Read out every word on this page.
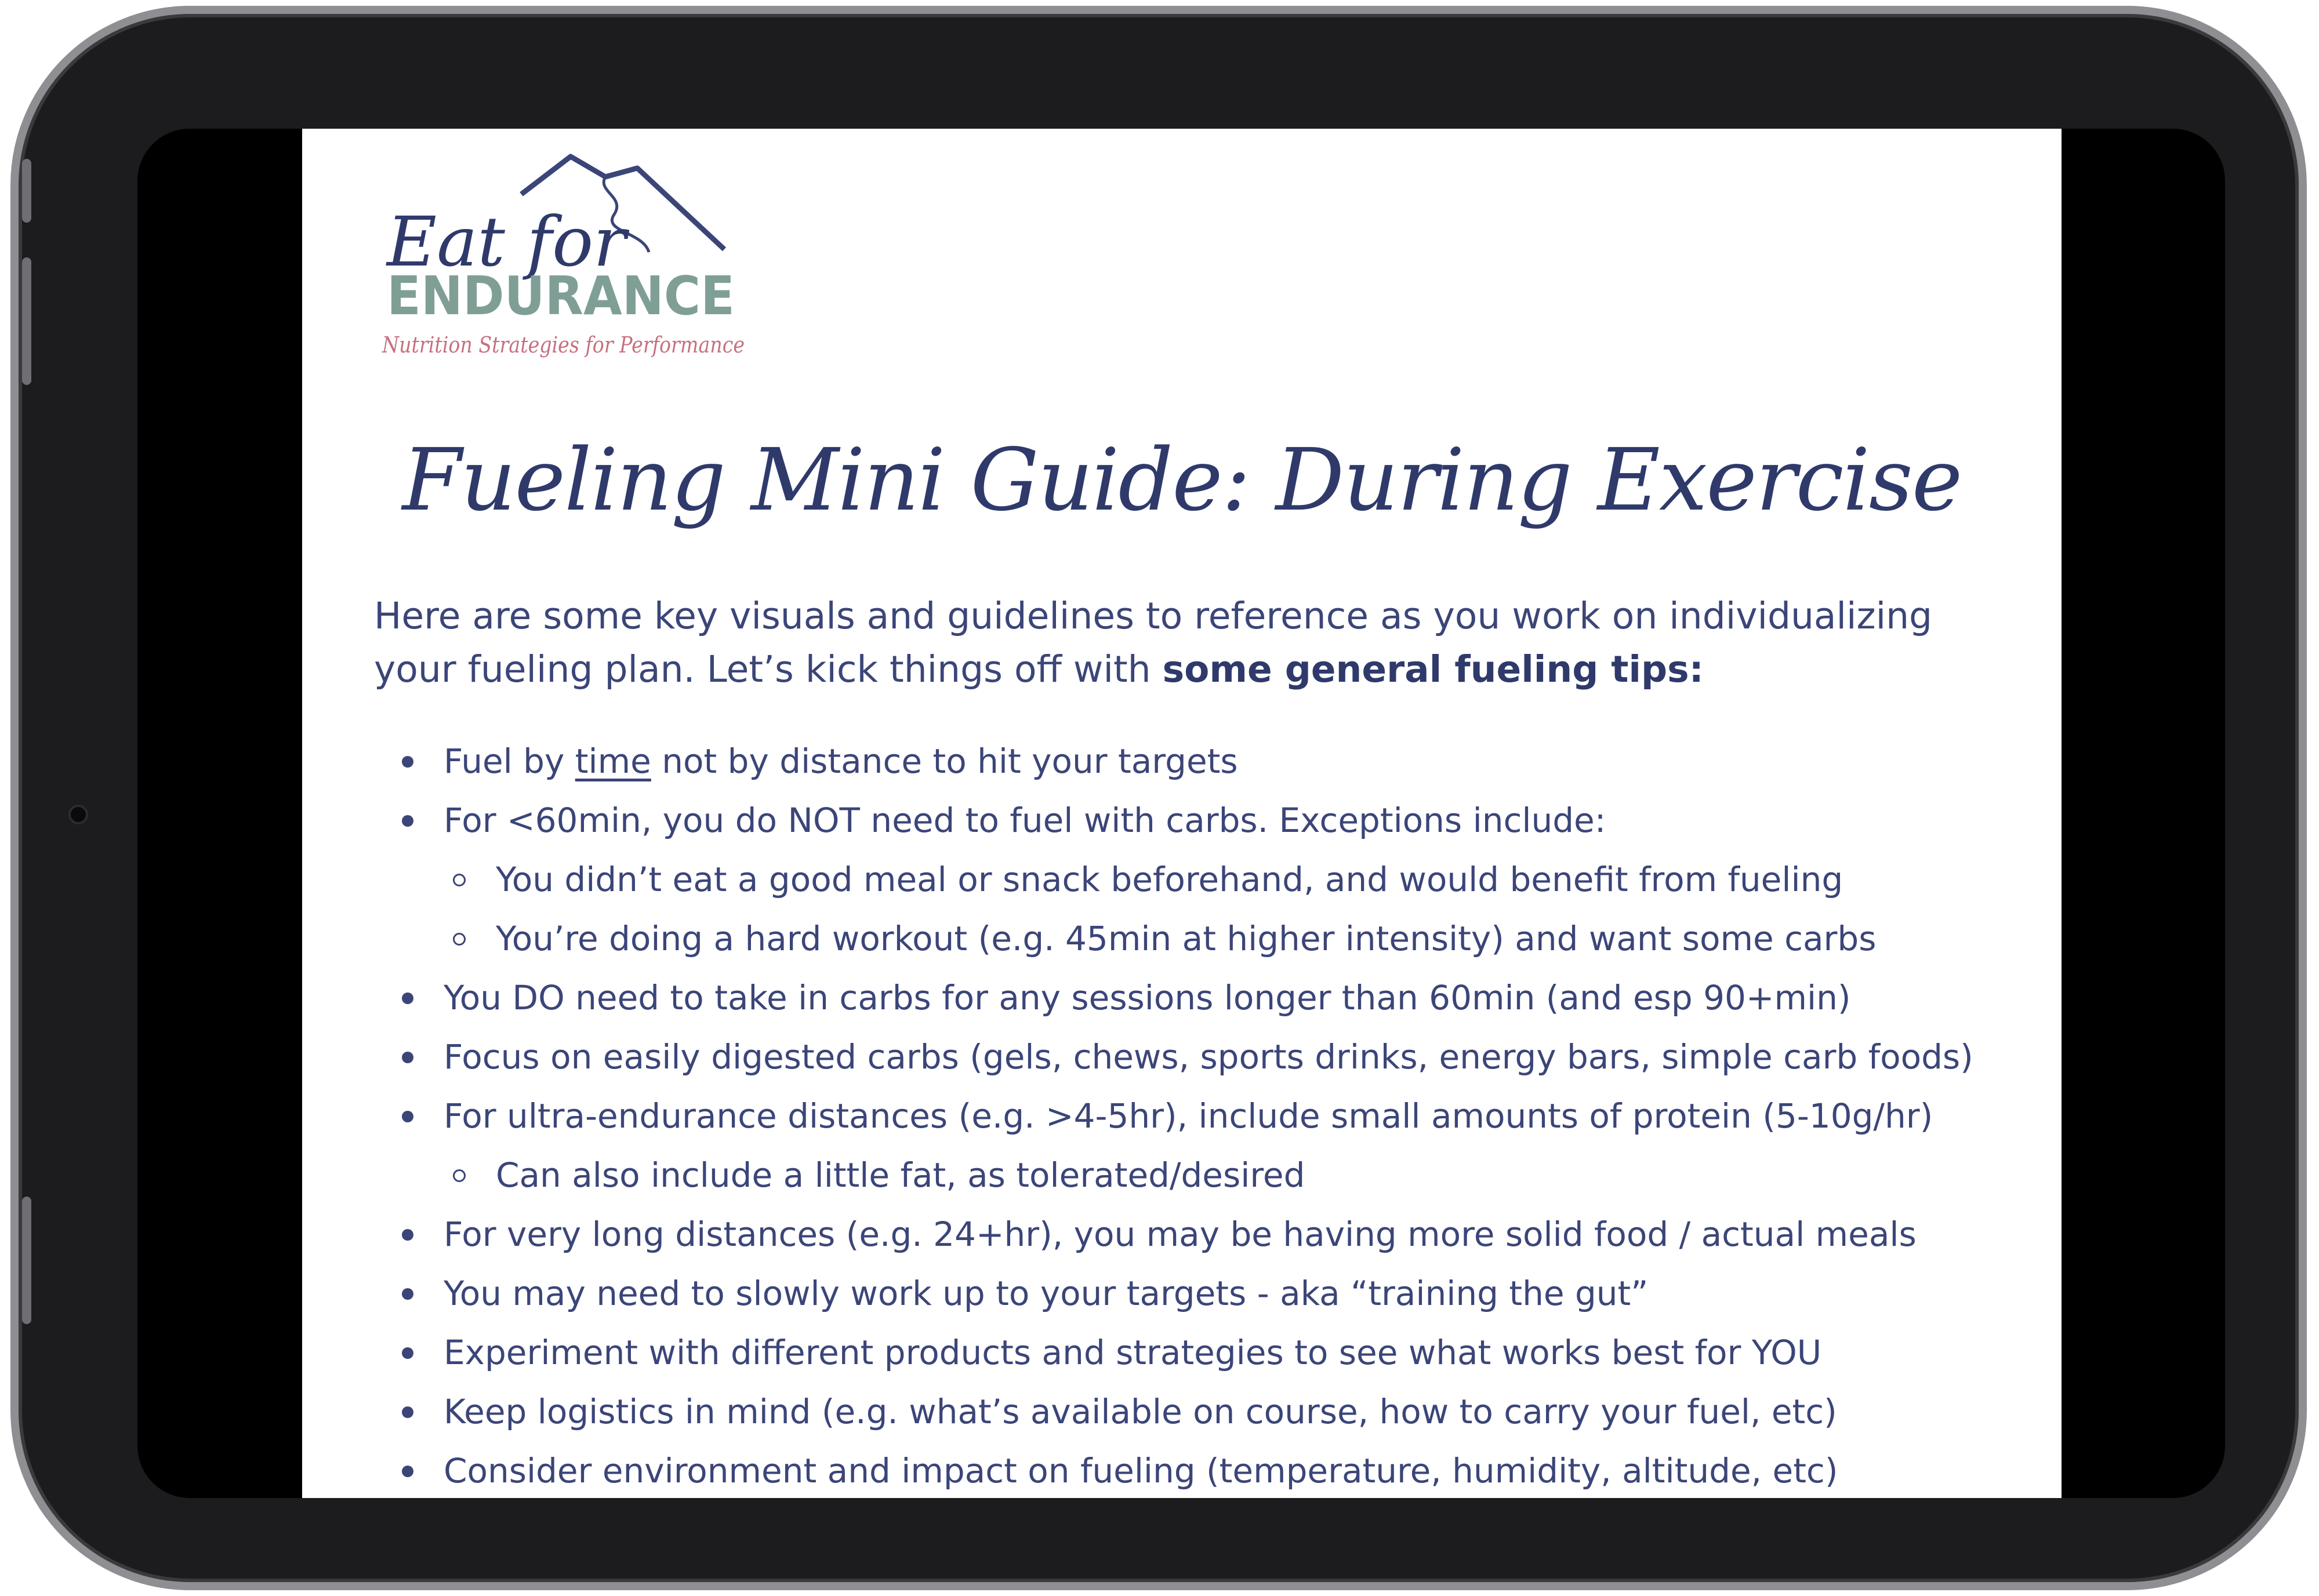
Eat for
ENDURANCE
Nutrition Strategies for Performance
Fueling Mini Guide: During Exercise

Here are some key visuals and guidelines to reference as you work on individualizing your fueling plan. Let’s kick things off with some general fueling tips:

Fuel by time not by distance to hit your targets
For <60min, you do NOT need to fuel with carbs. Exceptions include:
You didn’t eat a good meal or snack beforehand, and would benefit from fueling
You’re doing a hard workout (e.g. 45min at higher intensity) and want some carbs
You DO need to take in carbs for any sessions longer than 60min (and esp 90+min)
Focus on easily digested carbs (gels, chews, sports drinks, energy bars, simple carb foods)
For ultra-endurance distances (e.g. >4-5hr), include small amounts of protein (5-10g/hr)
Can also include a little fat, as tolerated/desired
For very long distances (e.g. 24+hr), you may be having more solid food / actual meals
You may need to slowly work up to your targets - aka “training the gut”
Experiment with different products and strategies to see what works best for YOU
Keep logistics in mind (e.g. what’s available on course, how to carry your fuel, etc)
Consider environment and impact on fueling (temperature, humidity, altitude, etc)
